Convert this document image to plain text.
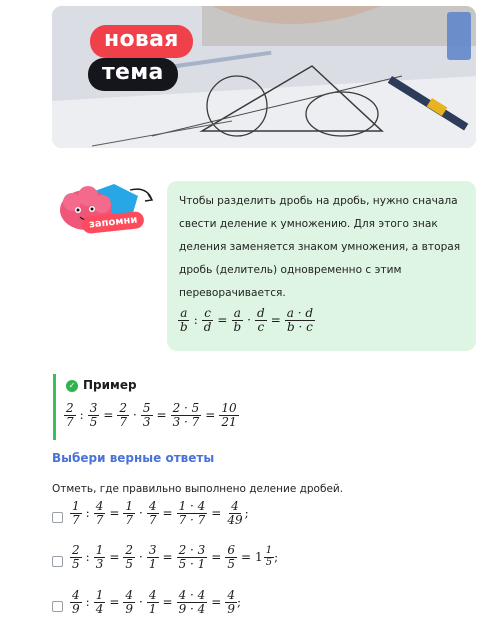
новая
тема
запомни
Чтобы разделить дробь на дробь, нужно сначала
свести деление к умножению. Для этого знак
деления заменяется знаком умножения, а вторая
дробь (делитель) одновременно с этим
переворачивается.
$\frac{a}{b}$ : $\frac{c}{d} = \frac{a}{b} \cdot \frac{d}{c} = \frac{a \cdot d}{b \cdot c}$
✓ Пример
$\frac{2}{7}$ : $\frac{3}{5} = \frac{2}{7} \cdot \frac{5}{3} = \frac{2 \cdot 5}{3 \cdot 7} = \frac{10}{21}$
Выбери верные ответы
Отметь, где правильно выполнено деление дробей.
$\frac{1}{7}$ : $\frac{4}{7} = \frac{1}{7} \cdot \frac{4}{7} = \frac{1 \cdot 4}{7 \cdot 7} = \frac{4}{49}$ ;
$\frac{2}{5}$ : $\frac{1}{3} = \frac{2}{5} \cdot \frac{3}{1} = \frac{2 \cdot 3}{5 \cdot 1} = \frac{6}{5} = 1 \frac{1}{5}$ ;
$\frac{4}{9}$ : $\frac{1}{4} = \frac{4}{9} \cdot \frac{4}{1} = \frac{4 \cdot 4}{9 \cdot 4} = \frac{4}{9}$ ;
